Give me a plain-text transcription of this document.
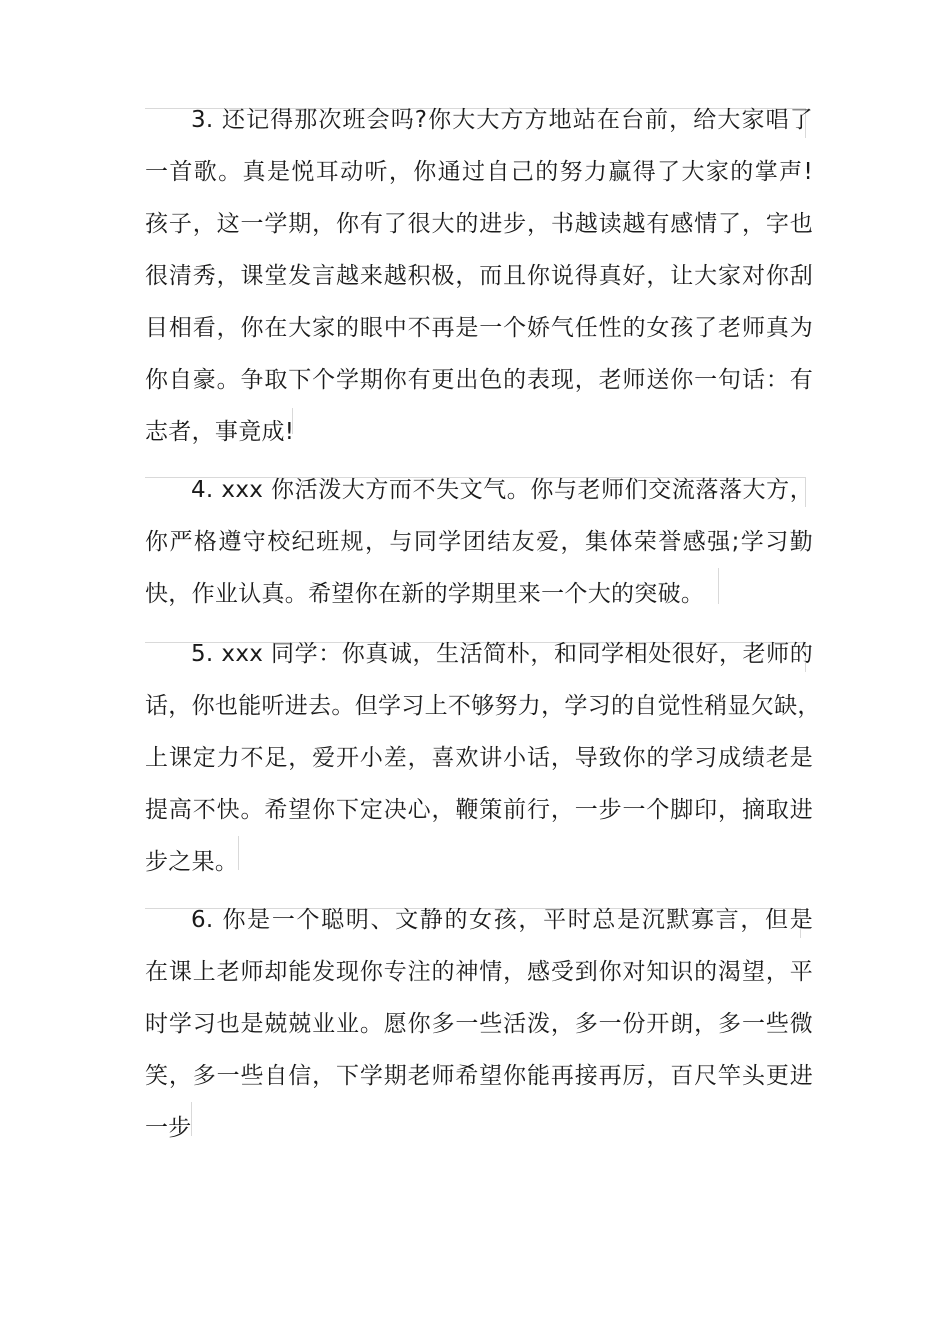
3. 还记得那次班会吗?你大大方方地站在台前，给大家唱了
一首歌。真是悦耳动听，你通过自己的努力赢得了大家的掌声!
孩子，这一学期，你有了很大的进步，书越读越有感情了，字也
很清秀，课堂发言越来越积极，而且你说得真好，让大家对你刮
目相看，你在大家的眼中不再是一个娇气任性的女孩了老师真为
你自豪。争取下个学期你有更出色的表现，老师送你一句话：有
志者，事竟成!
4. xxx 你活泼大方而不失文气。你与老师们交流落落大方，
你严格遵守校纪班规，与同学团结友爱，集体荣誉感强;学习勤
快，作业认真。希望你在新的学期里来一个大的突破。
5. xxx 同学：你真诚，生活简朴，和同学相处很好，老师的
话，你也能听进去。但学习上不够努力，学习的自觉性稍显欠缺，
上课定力不足，爱开小差，喜欢讲小话，导致你的学习成绩老是
提高不快。希望你下定决心，鞭策前行，一步一个脚印，摘取进
步之果。
6. 你是一个聪明、文静的女孩，平时总是沉默寡言，但是
在课上老师却能发现你专注的神情，感受到你对知识的渴望，平
时学习也是兢兢业业。愿你多一些活泼，多一份开朗，多一些微
笑，多一些自信，下学期老师希望你能再接再厉，百尺竿头更进
一步
